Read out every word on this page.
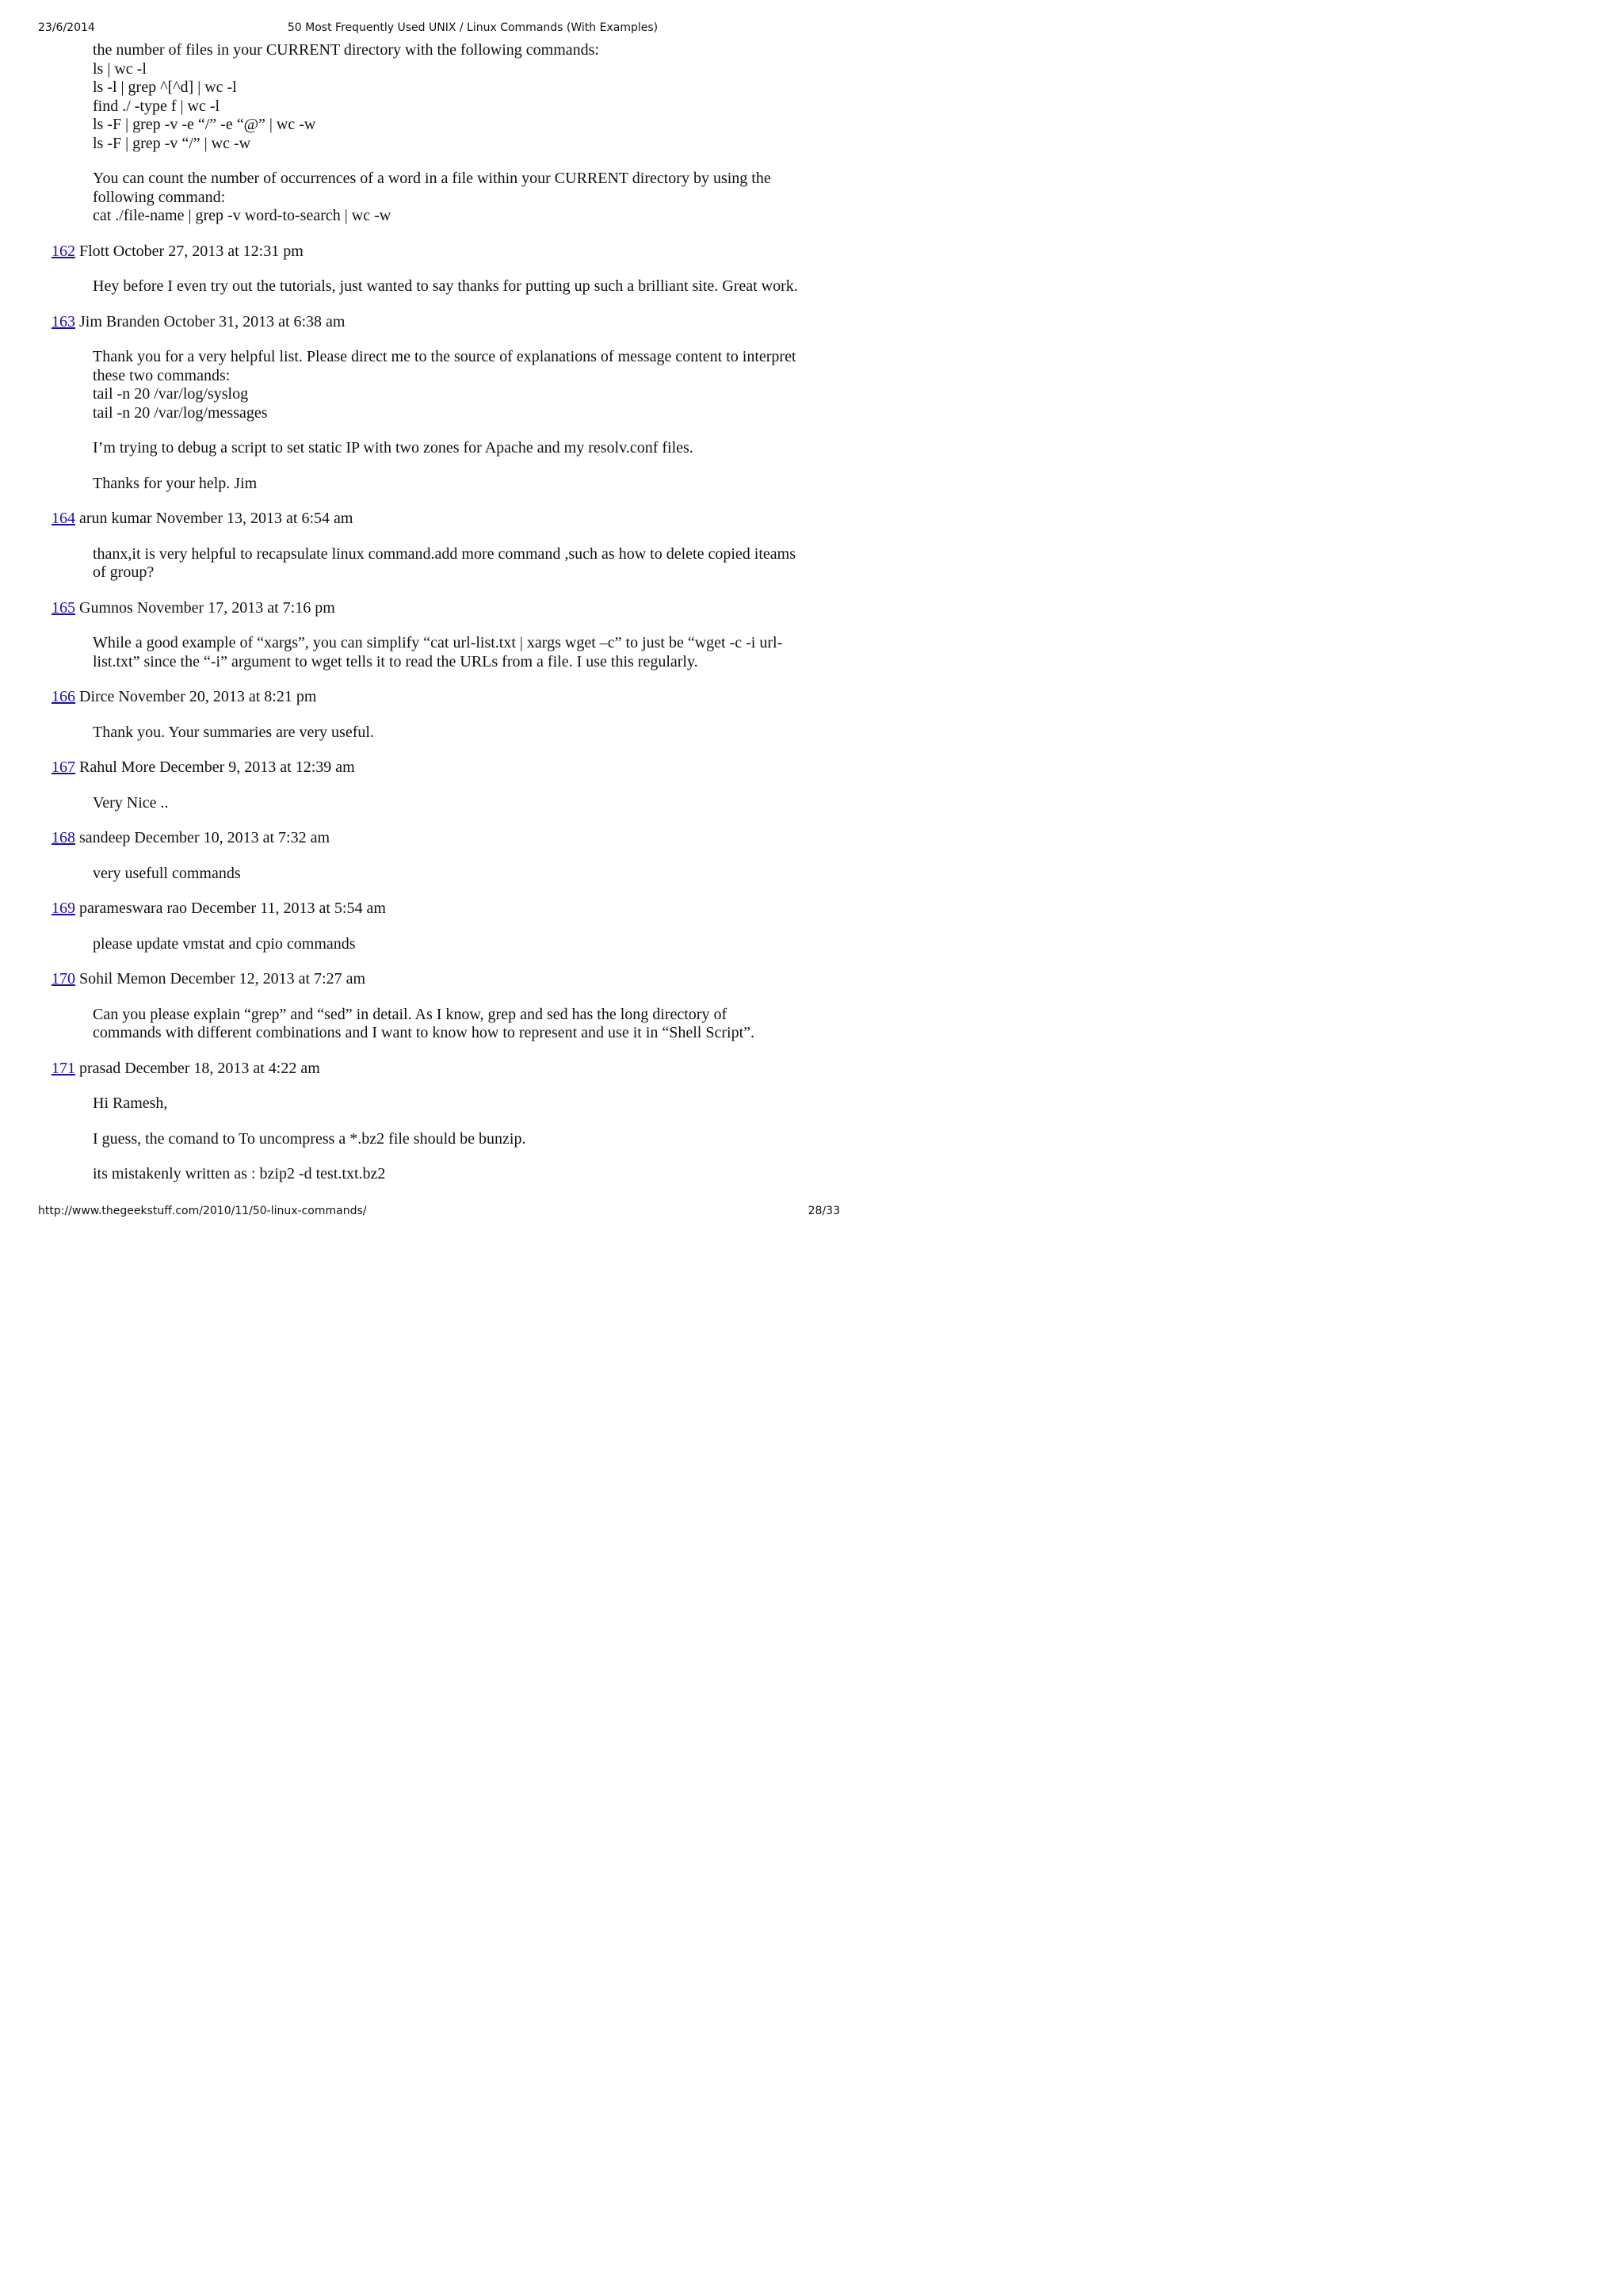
23/6/2014	50 Most Frequently Used UNIX / Linux Commands (With Examples)
the number of files in your CURRENT directory with the following commands:
ls | wc -l
ls -l | grep ^[^d] | wc -l
find ./ -type f | wc -l
ls -F | grep -v -e “/” -e “@” | wc -w
ls -F | grep -v “/” | wc -w
You can count the number of occurrences of a word in a file within your CURRENT directory by using the
following command:
cat ./file-name | grep -v word-to-search | wc -w
162 Flott October 27, 2013 at 12:31 pm
Hey before I even try out the tutorials, just wanted to say thanks for putting up such a brilliant site. Great work.
163 Jim Branden October 31, 2013 at 6:38 am
Thank you for a very helpful list. Please direct me to the source of explanations of message content to interpret
these two commands:
tail -n 20 /var/log/syslog
tail -n 20 /var/log/messages
I’m trying to debug a script to set static IP with two zones for Apache and my resolv.conf files.
Thanks for your help. Jim
164 arun kumar November 13, 2013 at 6:54 am
thanx,it is very helpful to recapsulate linux command.add more command ,such as how to delete copied iteams
of group?
165 Gumnos November 17, 2013 at 7:16 pm
While a good example of “xargs”, you can simplify “cat url-list.txt | xargs wget –c” to just be “wget -c -i url-
list.txt” since the “-i” argument to wget tells it to read the URLs from a file. I use this regularly.
166 Dirce November 20, 2013 at 8:21 pm
Thank you. Your summaries are very useful.
167 Rahul More December 9, 2013 at 12:39 am
Very Nice ..
168 sandeep December 10, 2013 at 7:32 am
very usefull commands
169 parameswara rao December 11, 2013 at 5:54 am
please update vmstat and cpio commands
170 Sohil Memon December 12, 2013 at 7:27 am
Can you please explain “grep” and “sed” in detail. As I know, grep and sed has the long directory of
commands with different combinations and I want to know how to represent and use it in “Shell Script”.
171 prasad December 18, 2013 at 4:22 am
Hi Ramesh,
I guess, the comand to To uncompress a *.bz2 file should be bunzip.
its mistakenly written as : bzip2 -d test.txt.bz2
http://www.thegeekstuff.com/2010/11/50-linux-commands/	28/33
